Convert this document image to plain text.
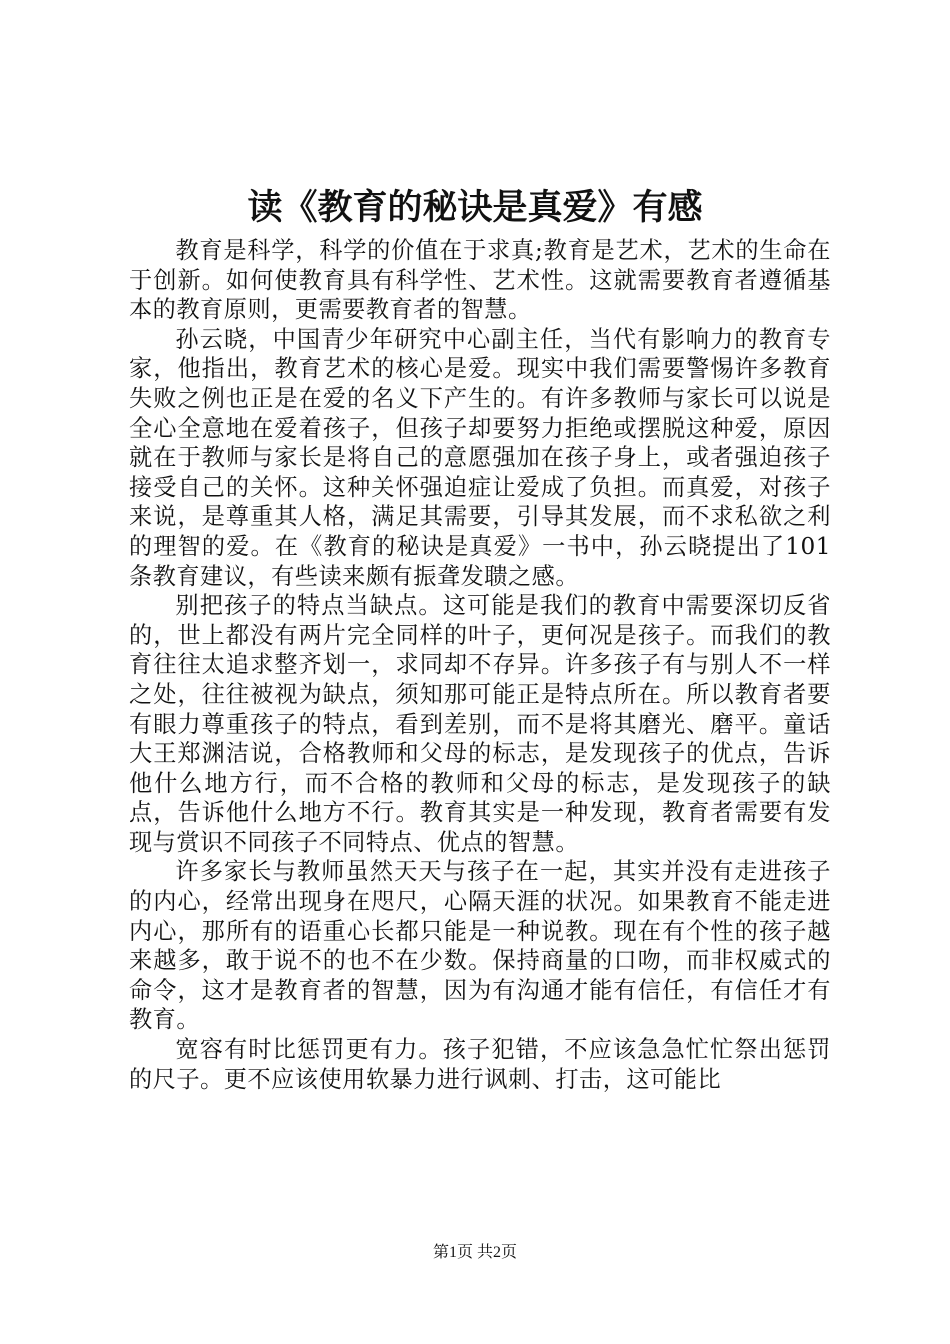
读《教育的秘诀是真爱》有感

教育是科学，科学的价值在于求真;教育是艺术，艺术的生命在于创新。如何使教育具有科学性、艺术性。这就需要教育者遵循基本的教育原则，更需要教育者的智慧。

孙云晓，中国青少年研究中心副主任，当代有影响力的教育专家，他指出，教育艺术的核心是爱。现实中我们需要警惕许多教育失败之例也正是在爱的名义下产生的。有许多教师与家长可以说是全心全意地在爱着孩子，但孩子却要努力拒绝或摆脱这种爱，原因就在于教师与家长是将自己的意愿强加在孩子身上，或者强迫孩子接受自己的关怀。这种关怀强迫症让爱成了负担。而真爱，对孩子来说，是尊重其人格，满足其需要，引导其发展，而不求私欲之利的理智的爱。在《教育的秘诀是真爱》一书中，孙云晓提出了101条教育建议，有些读来颇有振聋发聩之感。

别把孩子的特点当缺点。这可能是我们的教育中需要深切反省的，世上都没有两片完全同样的叶子，更何况是孩子。而我们的教育往往太追求整齐划一，求同却不存异。许多孩子有与别人不一样之处，往往被视为缺点，须知那可能正是特点所在。所以教育者要有眼力尊重孩子的特点，看到差别，而不是将其磨光、磨平。童话大王郑渊洁说，合格教师和父母的标志，是发现孩子的优点，告诉他什么地方行，而不合格的教师和父母的标志，是发现孩子的缺点，告诉他什么地方不行。教育其实是一种发现，教育者需要有发现与赏识不同孩子不同特点、优点的智慧。

许多家长与教师虽然天天与孩子在一起，其实并没有走进孩子的内心，经常出现身在咫尺，心隔天涯的状况。如果教育不能走进内心，那所有的语重心长都只能是一种说教。现在有个性的孩子越来越多，敢于说不的也不在少数。保持商量的口吻，而非权威式的命令，这才是教育者的智慧，因为有沟通才能有信任，有信任才有教育。

宽容有时比惩罚更有力。孩子犯错，不应该急急忙忙祭出惩罚的尺子。更不应该使用软暴力进行讽刺、打击，这可能比

第1页 共2页
